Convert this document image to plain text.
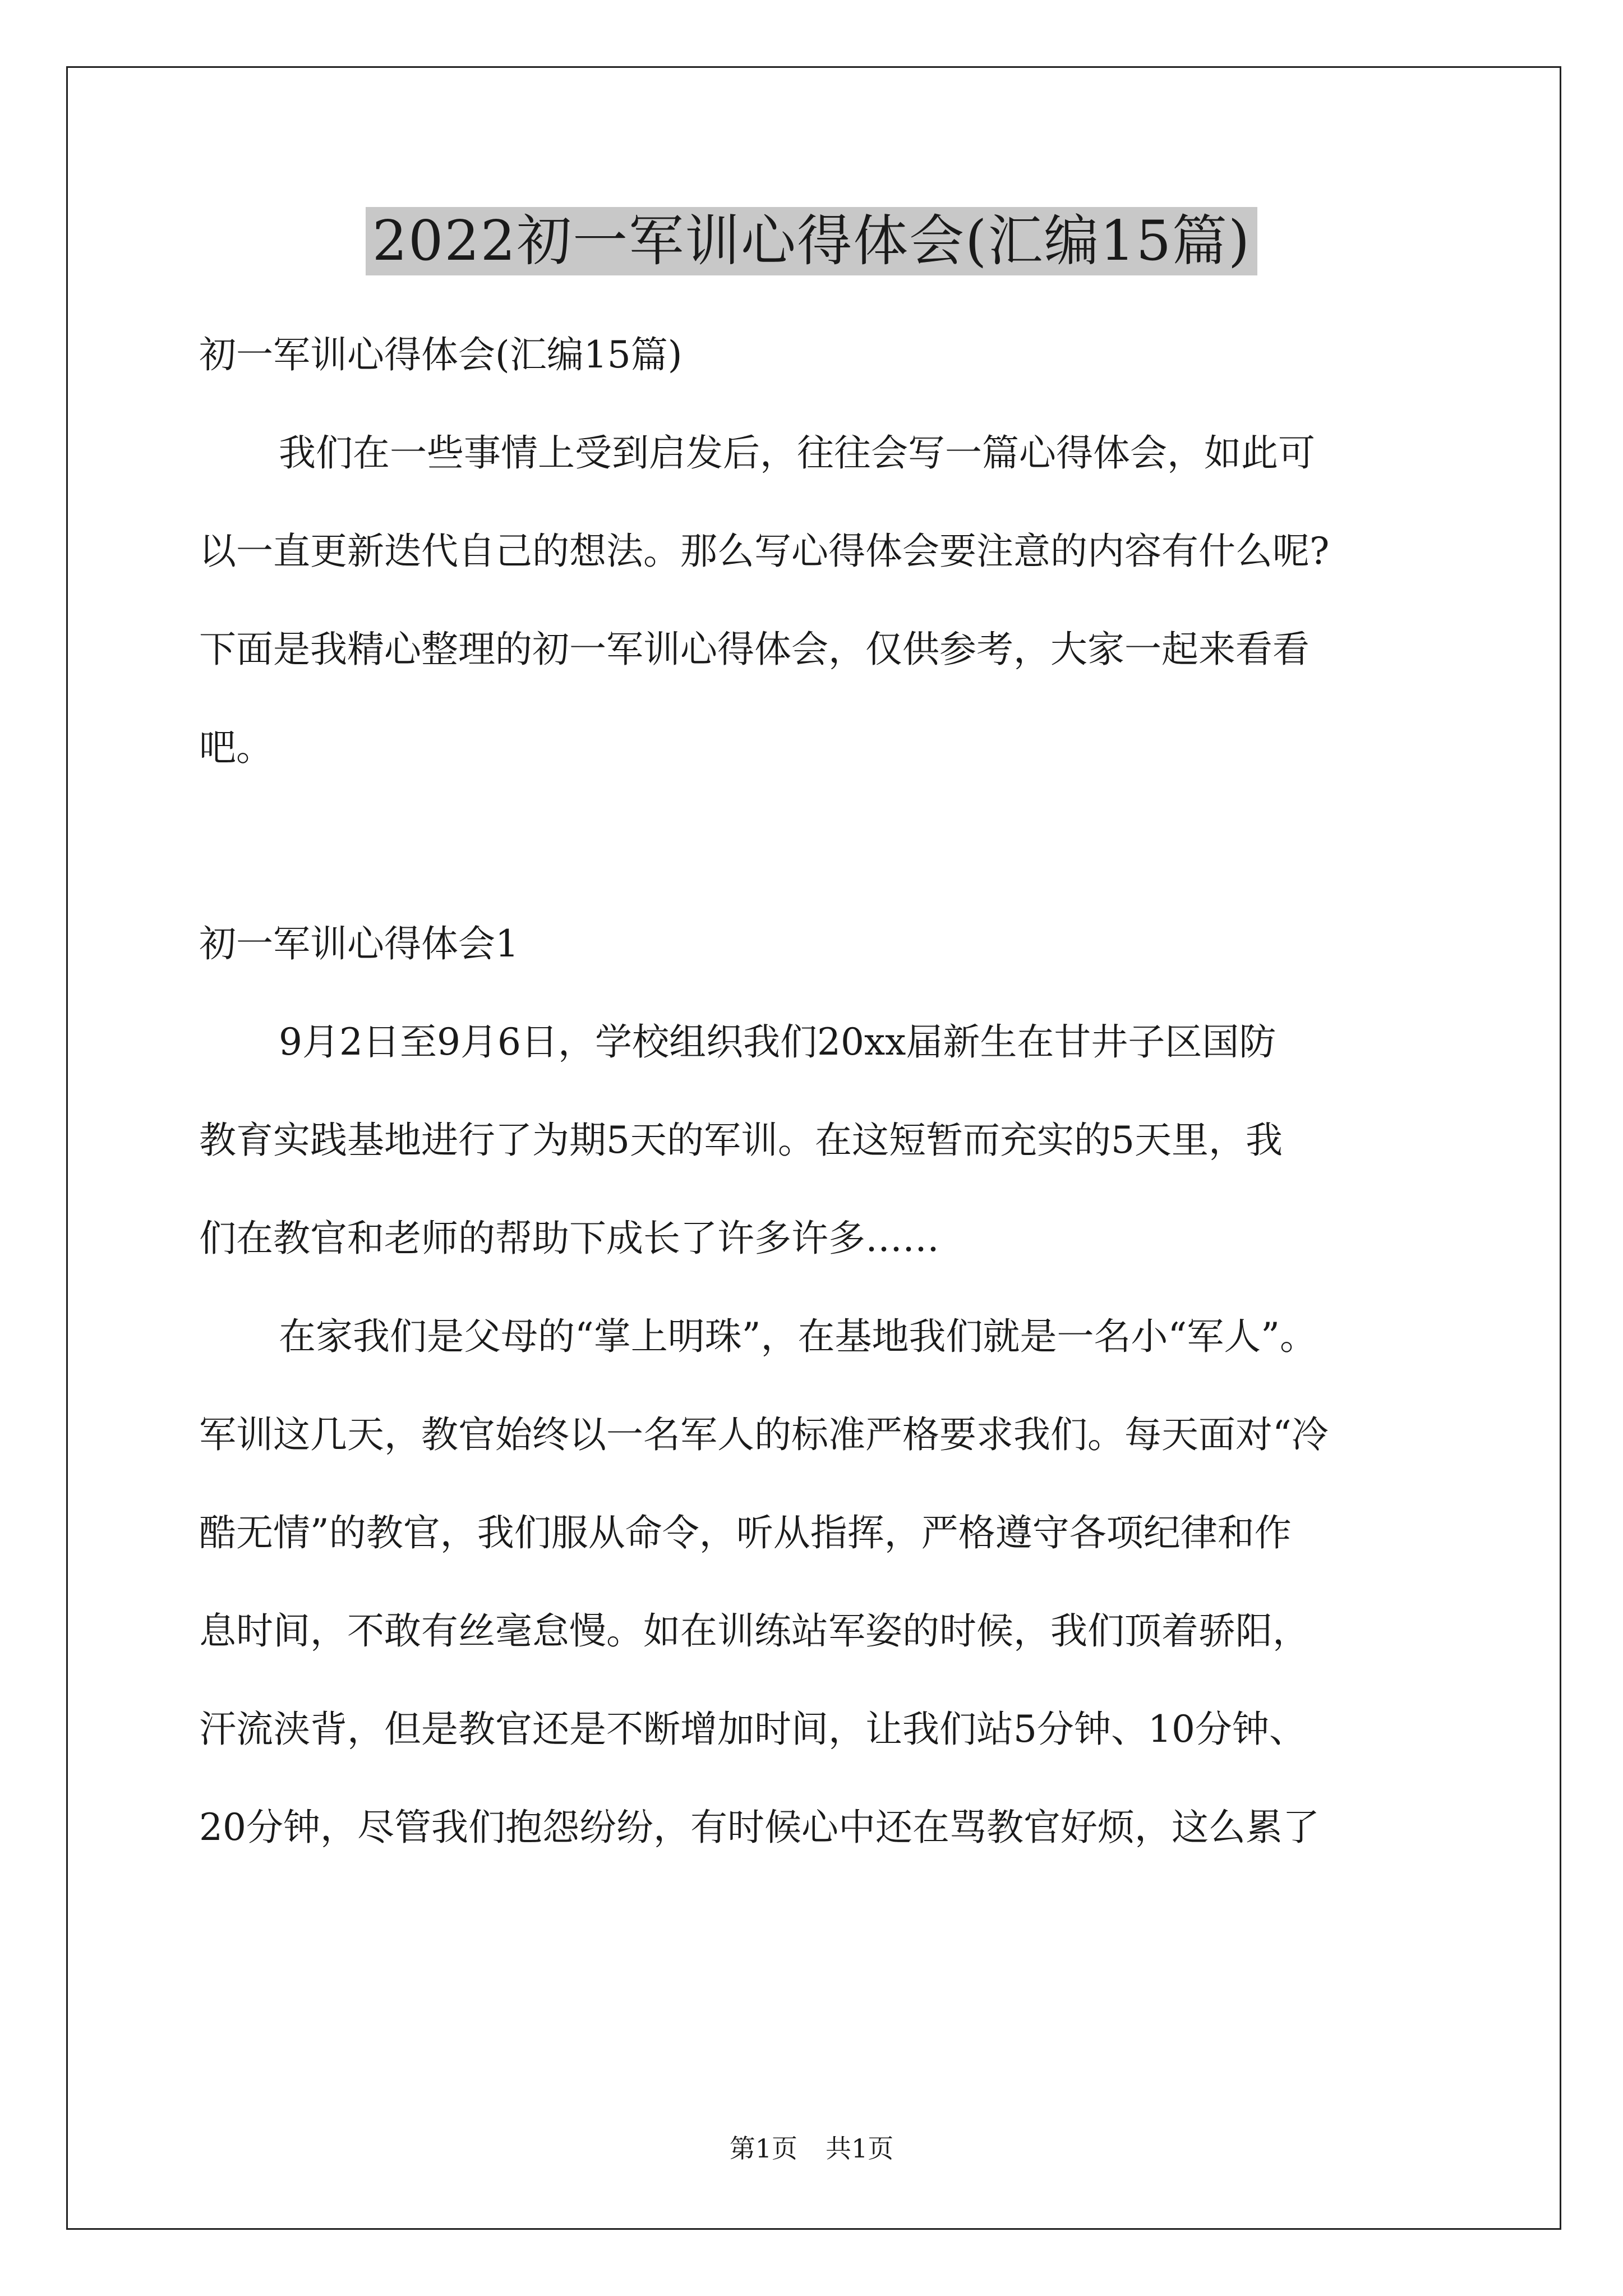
2022初一军训心得体会(汇编15篇)
初一军训心得体会(汇编15篇)
我们在一些事情上受到启发后，往往会写一篇心得体会，如此可
以一直更新迭代自己的想法。那么写心得体会要注意的内容有什么呢?
下面是我精心整理的初一军训心得体会，仅供参考，大家一起来看看
吧。
初一军训心得体会1
9月2日至9月6日，学校组织我们20xx届新生在甘井子区国防
教育实践基地进行了为期5天的军训。在这短暂而充实的5天里，我
们在教官和老师的帮助下成长了许多许多……
在家我们是父母的“掌上明珠”，在基地我们就是一名小“军人”。
军训这几天，教官始终以一名军人的标准严格要求我们。每天面对“冷
酷无情”的教官，我们服从命令，听从指挥，严格遵守各项纪律和作
息时间，不敢有丝毫怠慢。如在训练站军姿的时候，我们顶着骄阳，
汗流浃背，但是教官还是不断增加时间，让我们站5分钟、10分钟、
20分钟，尽管我们抱怨纷纷，有时候心中还在骂教官好烦，这么累了
第1页 共1页
